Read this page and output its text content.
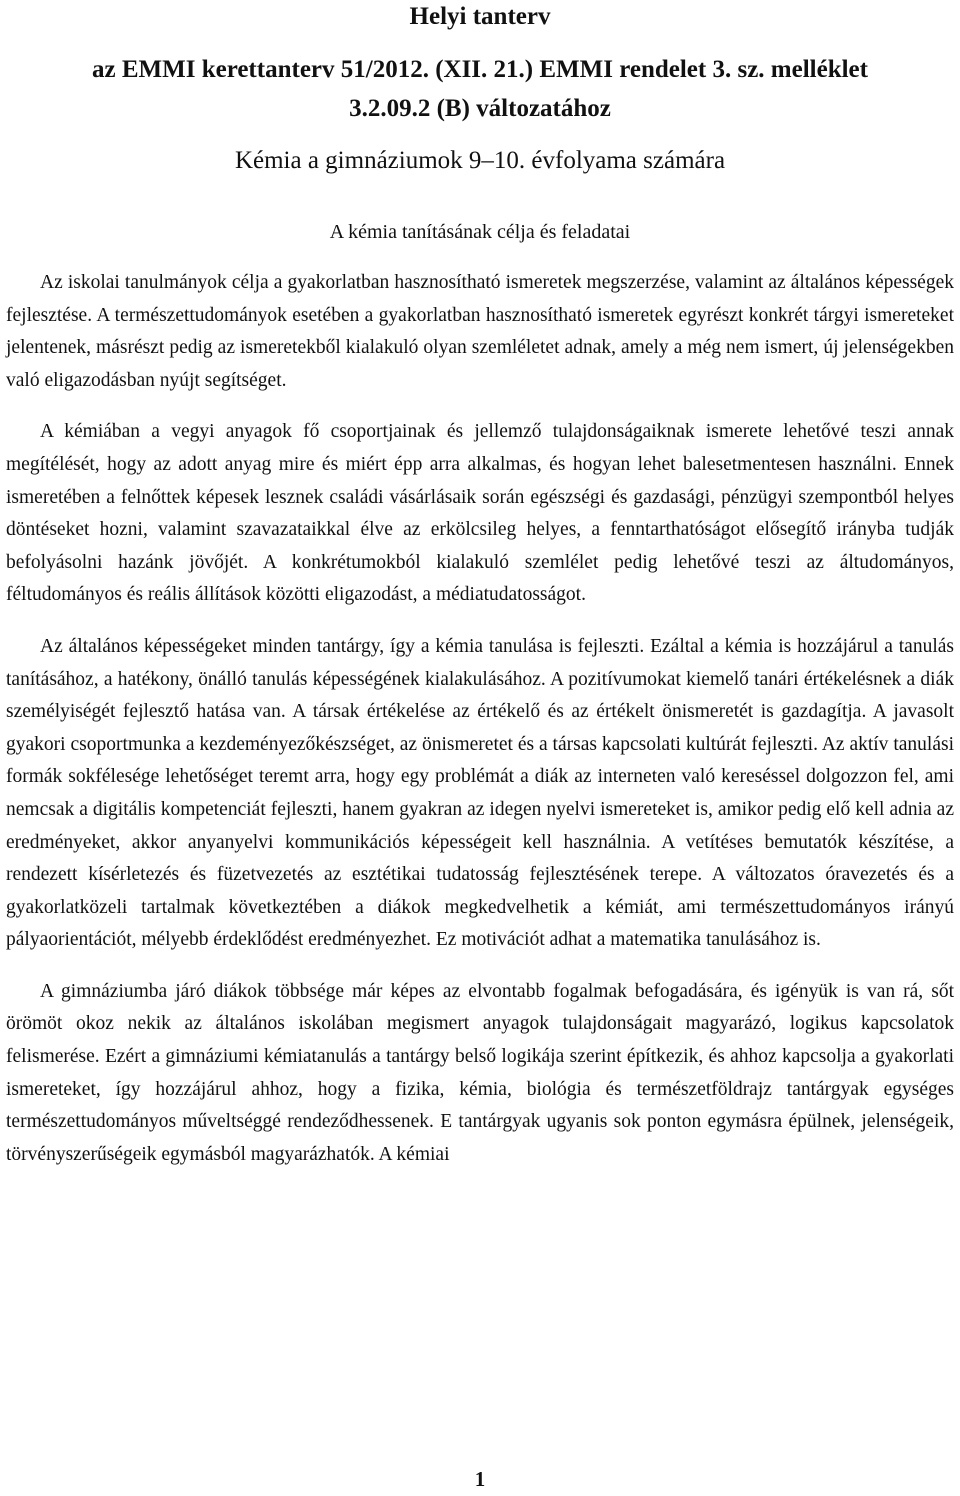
Helyi tanterv
az EMMI kerettanterv 51/2012. (XII. 21.) EMMI rendelet 3. sz. melléklet
3.2.09.2 (B) változatához
Kémia a gimnáziumok 9–10. évfolyama számára
A kémia tanításának célja és feladatai

Az iskolai tanulmányok célja a gyakorlatban hasznosítható ismeretek megszerzése, valamint az általános képességek fejlesztése. A természettudományok esetében a gyakorlatban hasznosítható ismeretek egyrészt konkrét tárgyi ismereteket jelentenek, másrészt pedig az ismeretekből kialakuló olyan szemléletet adnak, amely a még nem ismert, új jelenségekben való eligazodásban nyújt segítséget.

A kémiában a vegyi anyagok fő csoportjainak és jellemző tulajdonságaiknak ismerete lehetővé teszi annak megítélését, hogy az adott anyag mire és miért épp arra alkalmas, és hogyan lehet balesetmentesen használni. Ennek ismeretében a felnőttek képesek lesznek családi vásárlásaik során egészségi és gazdasági, pénzügyi szempontból helyes döntéseket hozni, valamint szavazataikkal élve az erkölcsileg helyes, a fenntarthatóságot elősegítő irányba tudják befolyásolni hazánk jövőjét. A konkrétumokból kialakuló szemlélet pedig lehetővé teszi az áltudományos, féltudományos és reális állítások közötti eligazodást, a médiatudatosságot.

Az általános képességeket minden tantárgy, így a kémia tanulása is fejleszti. Ezáltal a kémia is hozzájárul a tanulás tanításához, a hatékony, önálló tanulás képességének kialakulásához. A pozitívumokat kiemelő tanári értékelésnek a diák személyiségét fejlesztő hatása van. A társak értékelése az értékelő és az értékelt önismeretét is gazdagítja. A javasolt gyakori csoportmunka a kezdeményezőkészséget, az önismeretet és a társas kapcsolati kultúrát fejleszti. Az aktív tanulási formák sokfélesége lehetőséget teremt arra, hogy egy problémát a diák az interneten való kereséssel dolgozzon fel, ami nemcsak a digitális kompetenciát fejleszti, hanem gyakran az idegen nyelvi ismereteket is, amikor pedig elő kell adnia az eredményeket, akkor anyanyelvi kommunikációs képességeit kell használnia. A vetítéses bemutatók készítése, a rendezett kísérletezés és füzetvezetés az esztétikai tudatosság fejlesztésének terepe. A változatos óravezetés és a gyakorlatközeli tartalmak következtében a diákok megkedvelhetik a kémiát, ami természettudományos irányú pályaorientációt, mélyebb érdeklődést eredményezhet. Ez motivációt adhat a matematika tanulásához is.

A gimnáziumba járó diákok többsége már képes az elvontabb fogalmak befogadására, és igényük is van rá, sőt örömöt okoz nekik az általános iskolában megismert anyagok tulajdonságait magyarázó, logikus kapcsolatok felismerése. Ezért a gimnáziumi kémiatanulás a tantárgy belső logikája szerint építkezik, és ahhoz kapcsolja a gyakorlati ismereteket, így hozzájárul ahhoz, hogy a fizika, kémia, biológia és természetföldrajz tantárgyak egységes természettudományos műveltséggé rendeződhessenek. E tantárgyak ugyanis sok ponton egymásra épülnek, jelenségeik, törvényszerűségeik egymásból magyarázhatók. A kémiai

1
